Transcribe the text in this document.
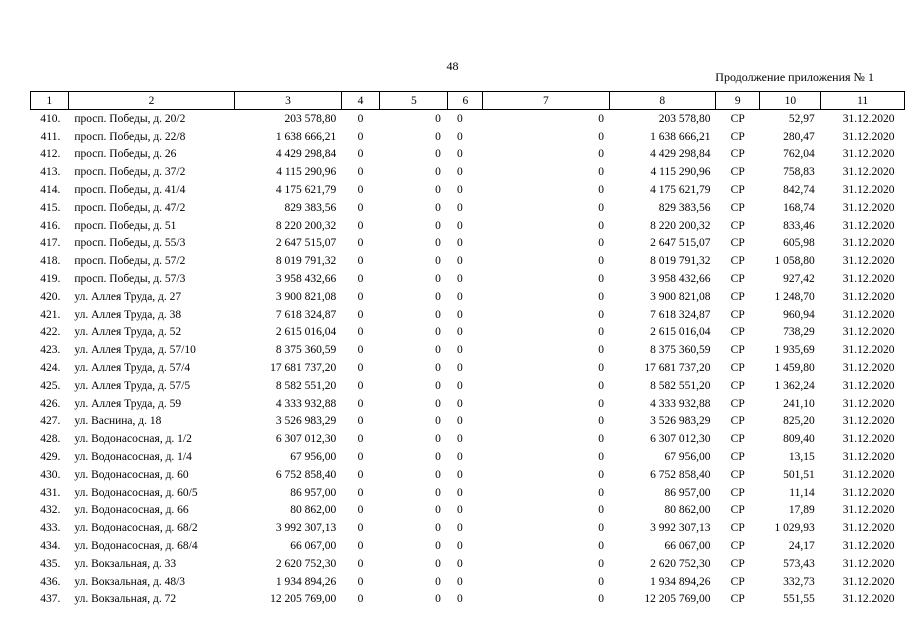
48
Продолжение приложения № 1
1	2	3	4	5	6	7	8	9	10	11
410.	просп. Победы, д. 20/2	203 578,80	0	0	0	0	203 578,80	СР	52,97	31.12.2020
411.	просп. Победы, д. 22/8	1 638 666,21	0	0	0	0	1 638 666,21	СР	280,47	31.12.2020
412.	просп. Победы, д. 26	4 429 298,84	0	0	0	0	4 429 298,84	СР	762,04	31.12.2020
413.	просп. Победы, д. 37/2	4 115 290,96	0	0	0	0	4 115 290,96	СР	758,83	31.12.2020
414.	просп. Победы, д. 41/4	4 175 621,79	0	0	0	0	4 175 621,79	СР	842,74	31.12.2020
415.	просп. Победы, д. 47/2	829 383,56	0	0	0	0	829 383,56	СР	168,74	31.12.2020
416.	просп. Победы, д. 51	8 220 200,32	0	0	0	0	8 220 200,32	СР	833,46	31.12.2020
417.	просп. Победы, д. 55/3	2 647 515,07	0	0	0	0	2 647 515,07	СР	605,98	31.12.2020
418.	просп. Победы, д. 57/2	8 019 791,32	0	0	0	0	8 019 791,32	СР	1 058,80	31.12.2020
419.	просп. Победы, д. 57/3	3 958 432,66	0	0	0	0	3 958 432,66	СР	927,42	31.12.2020
420.	ул. Аллея Труда, д. 27	3 900 821,08	0	0	0	0	3 900 821,08	СР	1 248,70	31.12.2020
421.	ул. Аллея Труда, д. 38	7 618 324,87	0	0	0	0	7 618 324,87	СР	960,94	31.12.2020
422.	ул. Аллея Труда, д. 52	2 615 016,04	0	0	0	0	2 615 016,04	СР	738,29	31.12.2020
423.	ул. Аллея Труда, д. 57/10	8 375 360,59	0	0	0	0	8 375 360,59	СР	1 935,69	31.12.2020
424.	ул. Аллея Труда, д. 57/4	17 681 737,20	0	0	0	0	17 681 737,20	СР	1 459,80	31.12.2020
425.	ул. Аллея Труда, д. 57/5	8 582 551,20	0	0	0	0	8 582 551,20	СР	1 362,24	31.12.2020
426.	ул. Аллея Труда, д. 59	4 333 932,88	0	0	0	0	4 333 932,88	СР	241,10	31.12.2020
427.	ул. Васнина, д. 18	3 526 983,29	0	0	0	0	3 526 983,29	СР	825,20	31.12.2020
428.	ул. Водонасосная, д. 1/2	6 307 012,30	0	0	0	0	6 307 012,30	СР	809,40	31.12.2020
429.	ул. Водонасосная, д. 1/4	67 956,00	0	0	0	0	67 956,00	СР	13,15	31.12.2020
430.	ул. Водонасосная, д. 60	6 752 858,40	0	0	0	0	6 752 858,40	СР	501,51	31.12.2020
431.	ул. Водонасосная, д. 60/5	86 957,00	0	0	0	0	86 957,00	СР	11,14	31.12.2020
432.	ул. Водонасосная, д. 66	80 862,00	0	0	0	0	80 862,00	СР	17,89	31.12.2020
433.	ул. Водонасосная, д. 68/2	3 992 307,13	0	0	0	0	3 992 307,13	СР	1 029,93	31.12.2020
434.	ул. Водонасосная, д. 68/4	66 067,00	0	0	0	0	66 067,00	СР	24,17	31.12.2020
435.	ул. Вокзальная, д. 33	2 620 752,30	0	0	0	0	2 620 752,30	СР	573,43	31.12.2020
436.	ул. Вокзальная, д. 48/3	1 934 894,26	0	0	0	0	1 934 894,26	СР	332,73	31.12.2020
437.	ул. Вокзальная, д. 72	12 205 769,00	0	0	0	0	12 205 769,00	СР	551,55	31.12.2020
